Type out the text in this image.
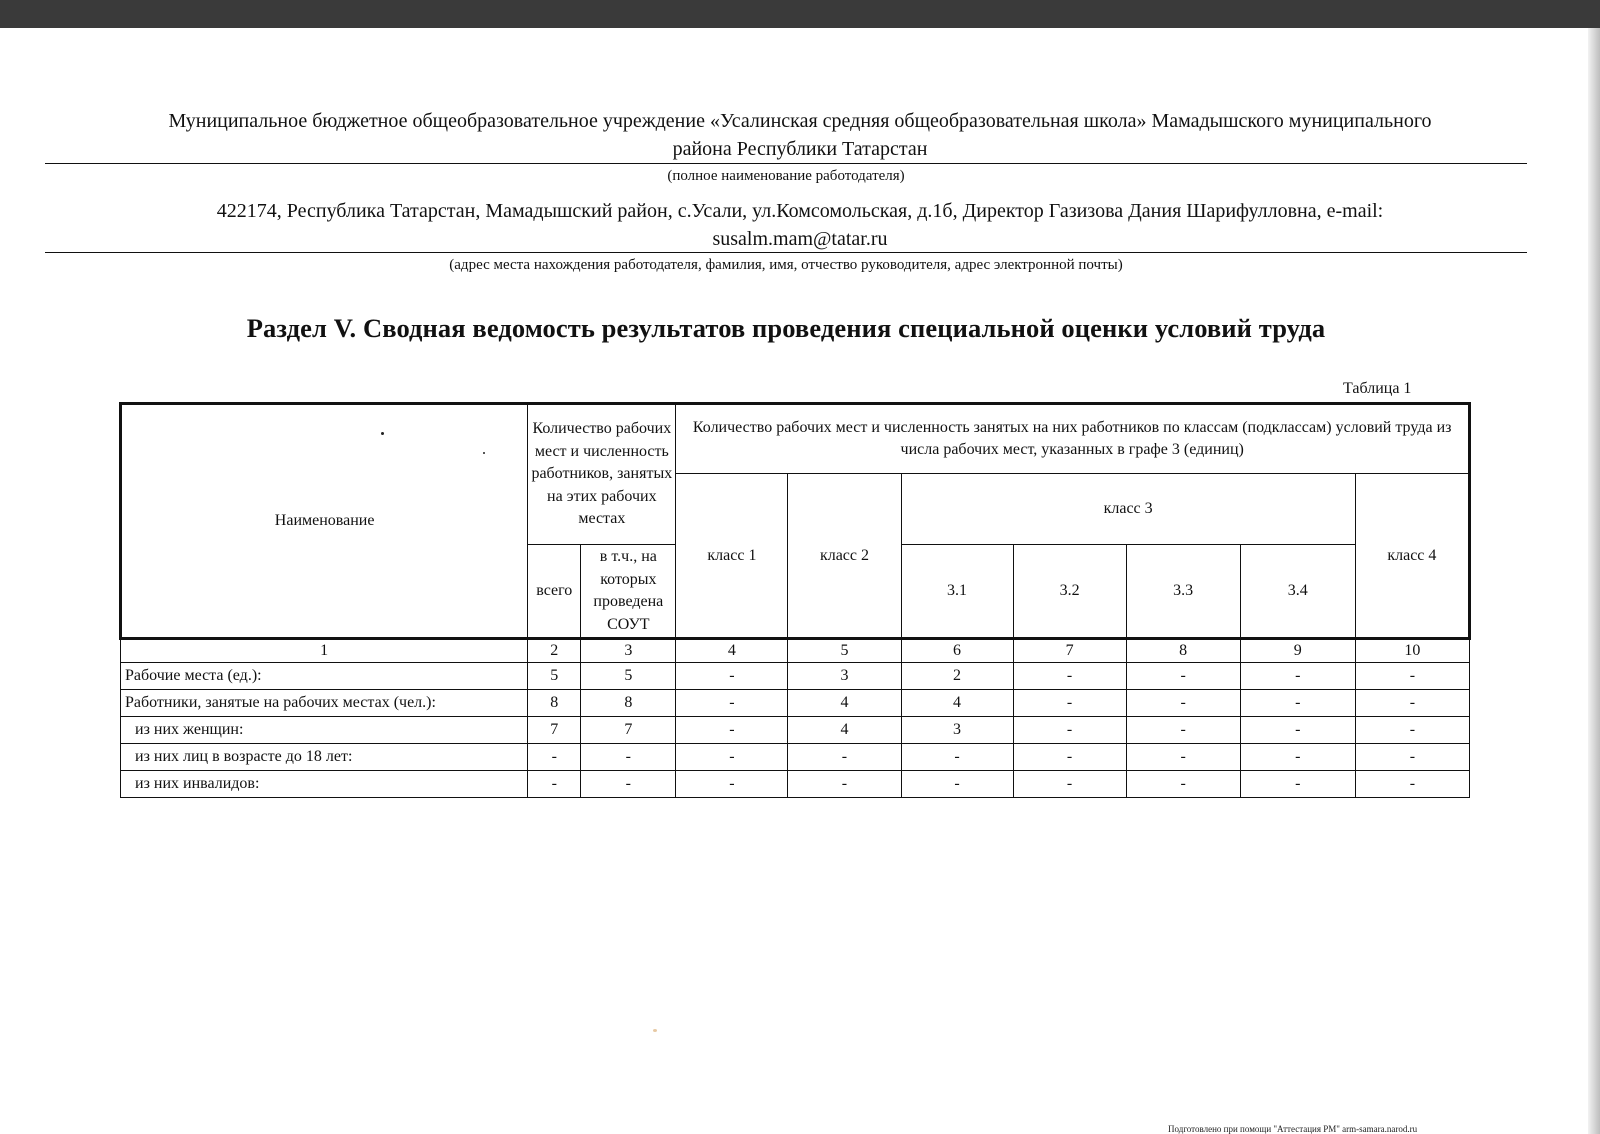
Муниципальное бюджетное общеобразовательное учреждение «Усалинская средняя общеобразовательная школа» Мамадышского муниципального
района Республики Татарстан
(полное наименование работодателя)
422174, Республика Татарстан, Мамадышский район, с.Усали, ул.Комсомольская, д.1б, Директор Газизова Дания Шарифулловна, e-mail:
susalm.mam@tatar.ru
(адрес места нахождения работодателя, фамилия, имя, отчество руководителя, адрес электронной почты)
Раздел V. Сводная ведомость результатов проведения специальной оценки условий труда
Таблица 1
Наименование	Количество рабочих мест и численность работников, занятых на этих рабочих местах		Количество рабочих мест и численность занятых на них работников по классам (подклассам) условий труда из числа рабочих мест, указанных в графе 3 (единиц)						
			класс 1	класс 2	класс 3				класс 4
	всего	в т.ч., на которых проведена СОУТ			3.1	3.2	3.3	3.4	
1	2	3	4	5	6	7	8	9	10
Рабочие места (ед.):	5	5	-	3	2	-	-	-	-
Работники, занятые на рабочих местах (чел.):	8	8	-	4	4	-	-	-	-
из них женщин:	7	7	-	4	3	-	-	-	-
из них лиц в возрасте до 18 лет:	-	-	-	-	-	-	-	-	-
из них инвалидов:	-	-	-	-	-	-	-	-	-
Подготовлено при помощи "Аттестация РМ" arm-samara.narod.ru
